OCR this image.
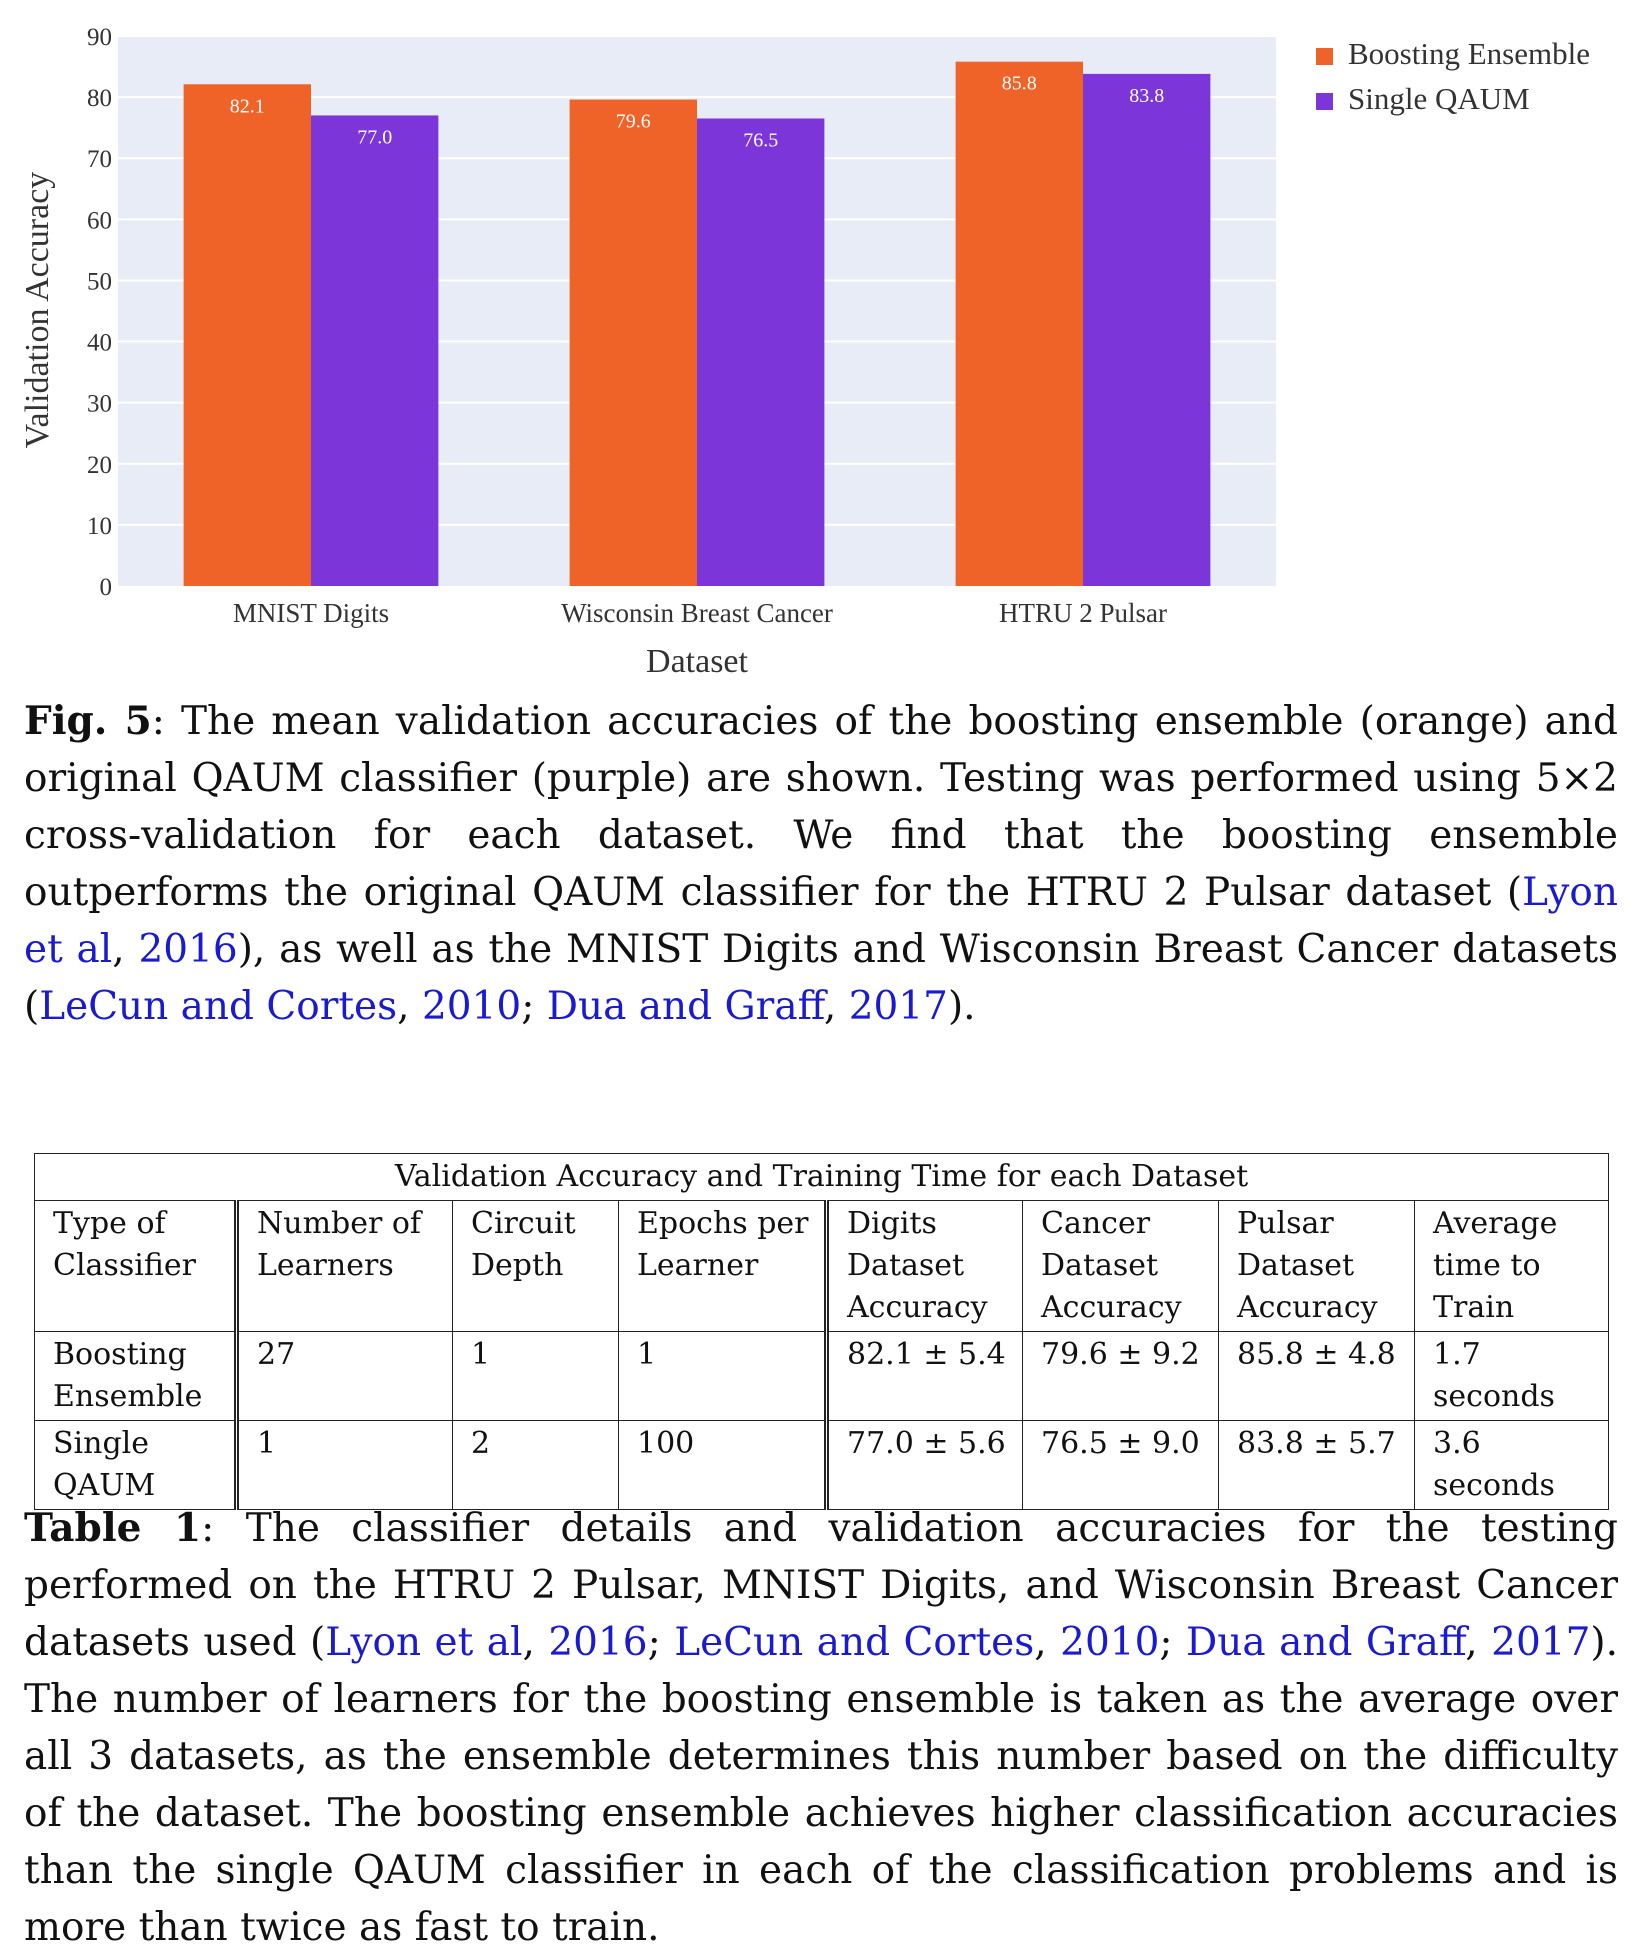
0
10
20
30
40
50
60
70
80
90
82.1
77.0
79.6
76.5
85.8
83.8
MNIST Digits	Wisconsin Breast Cancer	HTRU 2 Pulsar
Dataset
Validation Accuracy
Boosting Ensemble
Single QAUM
Fig. 5: The mean validation accuracies of the boosting ensemble (orange) and original QAUM classifier (purple) are shown. Testing was performed using 5×2 cross-validation for each dataset. We find that the boosting ensemble outperforms the original QAUM classifier for the HTRU 2 Pulsar dataset (Lyon et al, 2016), as well as the MNIST Digits and Wisconsin Breast Cancer datasets (LeCun and Cortes, 2010; Dua and Graff, 2017).
Validation Accuracy and Training Time for each Dataset							
Type of Classifier	Number of Learners	Circuit Depth	Epochs per Learner	Digits Dataset Accuracy	Cancer Dataset Accuracy	Pulsar Dataset Accuracy	Average time to Train
Boosting Ensemble	27	1	1	82.1 ± 5.4	79.6 ± 9.2	85.8 ± 4.8	1.7 seconds
Single QAUM	1	2	100	77.0 ± 5.6	76.5 ± 9.0	83.8 ± 5.7	3.6 seconds
Table 1: The classifier details and validation accuracies for the testing performed on the HTRU 2 Pulsar, MNIST Digits, and Wisconsin Breast Cancer datasets used (Lyon et al, 2016; LeCun and Cortes, 2010; Dua and Graff, 2017). The number of learners for the boosting ensemble is taken as the average over all 3 datasets, as the ensemble determines this number based on the difficulty of the dataset. The boosting ensemble achieves higher classification accuracies than the single QAUM classifier in each of the classification problems and is more than twice as fast to train.
